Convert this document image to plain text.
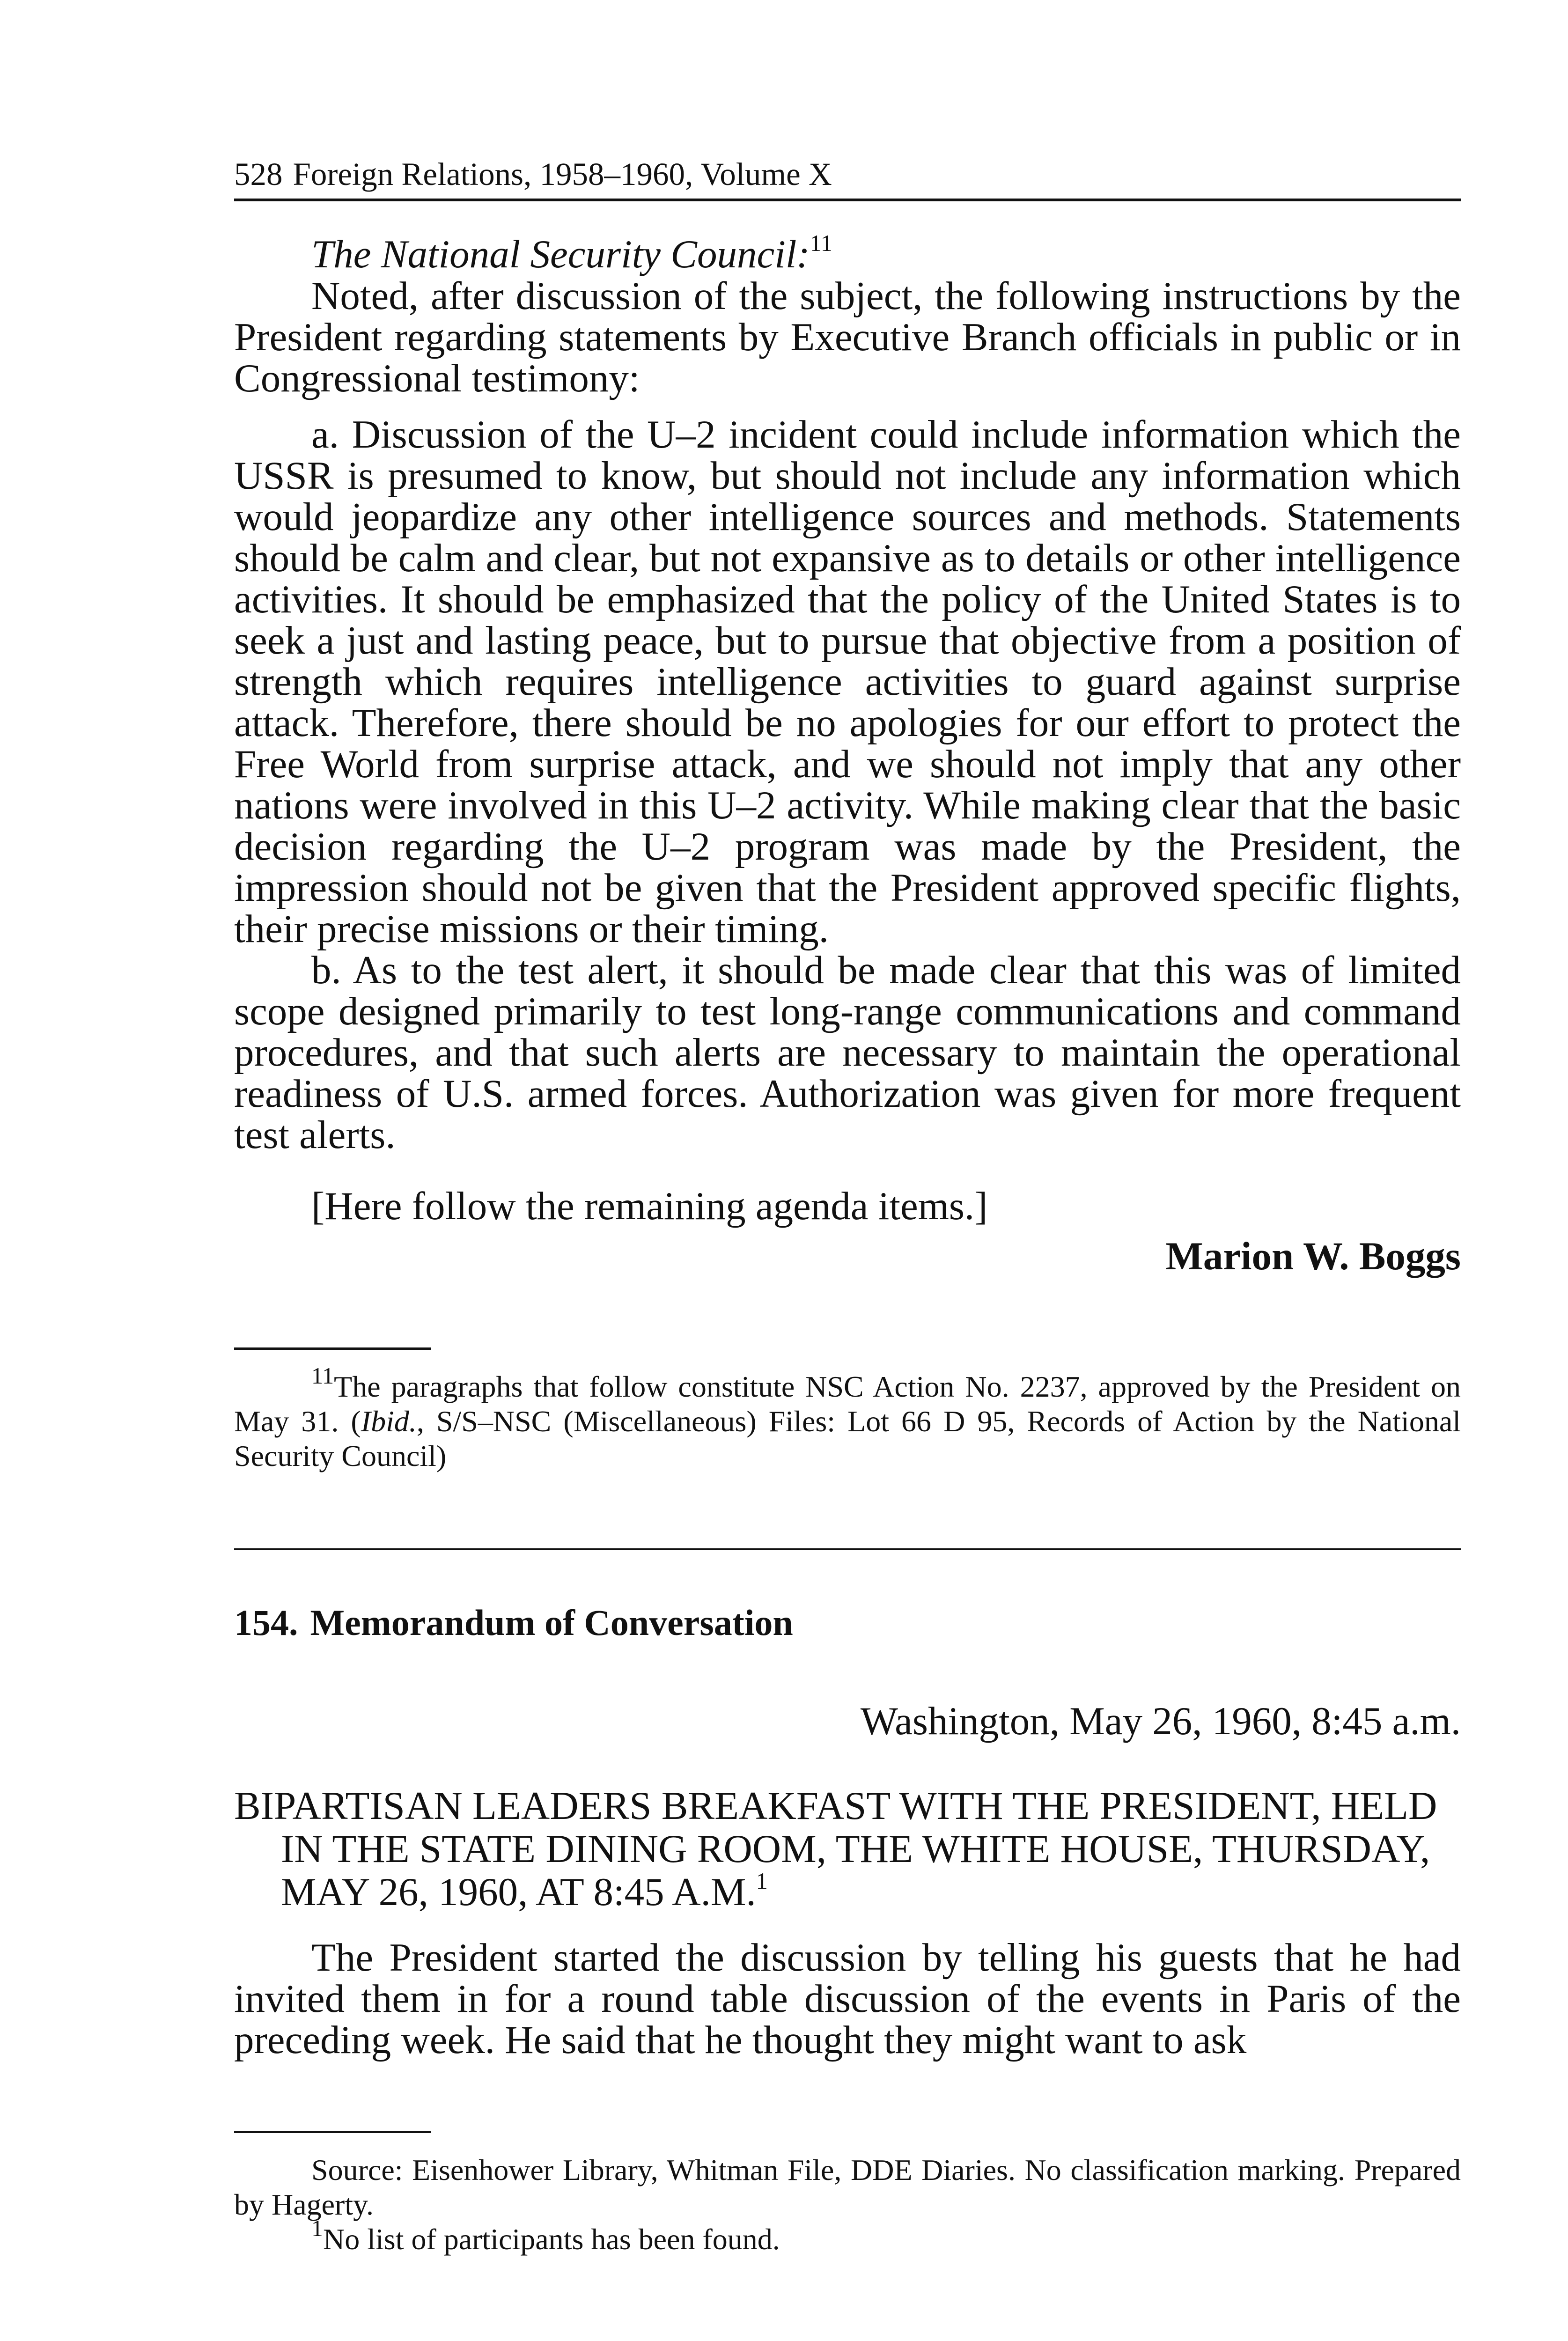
528 Foreign Relations, 1958–1960, Volume X
The National Security Council:$^{11}$

Noted, after discussion of the subject, the following instructions by the President regarding statements by Executive Branch officials in public or in Congressional testimony:

a. Discussion of the U–2 incident could include information which the USSR is presumed to know, but should not include any information which would jeopardize any other intelligence sources and methods. Statements should be calm and clear, but not expansive as to details or other intelligence activities. It should be emphasized that the policy of the United States is to seek a just and lasting peace, but to pursue that objective from a position of strength which requires intelligence activities to guard against surprise attack. Therefore, there should be no apologies for our effort to protect the Free World from surprise attack, and we should not imply that any other nations were involved in this U–2 activity. While making clear that the basic decision regarding the U–2 program was made by the President, the impression should not be given that the President approved specific flights, their precise missions or their timing.

b. As to the test alert, it should be made clear that this was of limited scope designed primarily to test long-range communications and command procedures, and that such alerts are necessary to maintain the operational readiness of U.S. armed forces. Authorization was given for more frequent test alerts.

[Here follow the remaining agenda items.]

Marion W. Boggs

$^{11}$The paragraphs that follow constitute NSC Action No. 2237, approved by the President on May 31. (Ibid., S/S–NSC (Miscellaneous) Files: Lot 66 D 95, Records of Action by the National Security Council)

154. Memorandum of Conversation
Washington, May 26, 1960, 8:45 a.m.

BIPARTISAN LEADERS BREAKFAST WITH THE PRESIDENT, HELD IN THE STATE DINING ROOM, THE WHITE HOUSE, THURSDAY, MAY 26, 1960, AT 8:45 A.M.$^1$

The President started the discussion by telling his guests that he had invited them in for a round table discussion of the events in Paris of the preceding week. He said that he thought they might want to ask

Source: Eisenhower Library, Whitman File, DDE Diaries. No classification marking. Prepared by Hagerty.

$^1$No list of participants has been found.
